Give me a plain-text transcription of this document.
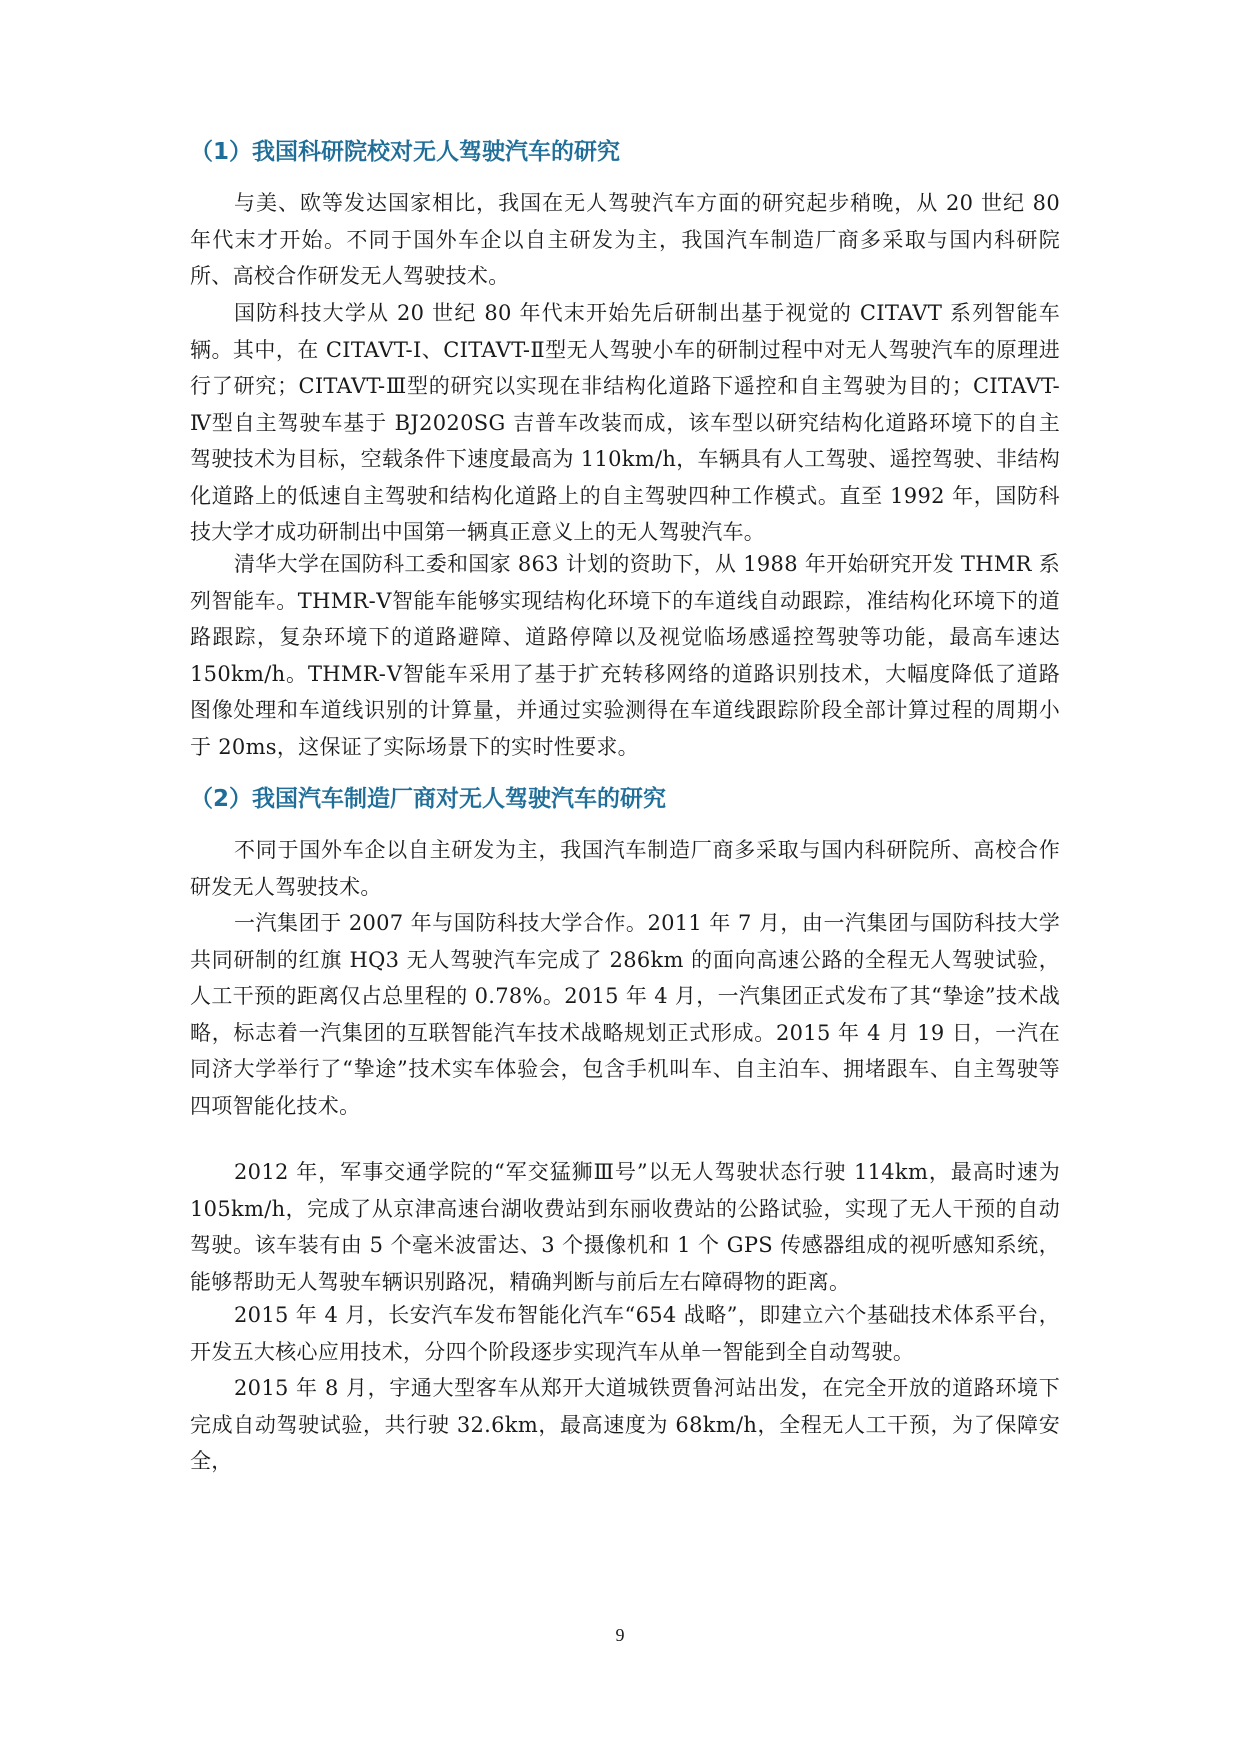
（1）我国科研院校对无人驾驶汽车的研究

与美、欧等发达国家相比，我国在无人驾驶汽车方面的研究起步稍晚，从 20 世纪 80 年代末才开始。不同于国外车企以自主研发为主，我国汽车制造厂商多采取与国内科研院所、高校合作研发无人驾驶技术。

国防科技大学从 20 世纪 80 年代末开始先后研制出基于视觉的 CITAVT 系列智能车辆。其中，在 CITAVT-Ⅰ、CITAVT-Ⅱ型无人驾驶小车的研制过程中对无人驾驶汽车的原理进行了研究；CITAVT-Ⅲ型的研究以实现在非结构化道路下遥控和自主驾驶为目的；CITAVT-Ⅳ型自主驾驶车基于 BJ2020SG 吉普车改装而成，该车型以研究结构化道路环境下的自主驾驶技术为目标，空载条件下速度最高为 110km/h，车辆具有人工驾驶、遥控驾驶、非结构化道路上的低速自主驾驶和结构化道路上的自主驾驶四种工作模式。直至 1992 年，国防科技大学才成功研制出中国第一辆真正意义上的无人驾驶汽车。

清华大学在国防科工委和国家 863 计划的资助下，从 1988 年开始研究开发 THMR 系列智能车。THMR-Ⅴ智能车能够实现结构化环境下的车道线自动跟踪，准结构化环境下的道路跟踪，复杂环境下的道路避障、道路停障以及视觉临场感遥控驾驶等功能，最高车速达 150km/h。THMR-Ⅴ智能车采用了基于扩充转移网络的道路识别技术，大幅度降低了道路图像处理和车道线识别的计算量，并通过实验测得在车道线跟踪阶段全部计算过程的周期小于 20ms，这保证了实际场景下的实时性要求。

（2）我国汽车制造厂商对无人驾驶汽车的研究

不同于国外车企以自主研发为主，我国汽车制造厂商多采取与国内科研院所、高校合作研发无人驾驶技术。

一汽集团于 2007 年与国防科技大学合作。2011 年 7 月，由一汽集团与国防科技大学共同研制的红旗 HQ3 无人驾驶汽车完成了 286km 的面向高速公路的全程无人驾驶试验，人工干预的距离仅占总里程的 0.78%。2015 年 4 月，一汽集团正式发布了其“挚途”技术战略，标志着一汽集团的互联智能汽车技术战略规划正式形成。2015 年 4 月 19 日，一汽在同济大学举行了“挚途”技术实车体验会，包含手机叫车、自主泊车、拥堵跟车、自主驾驶等四项智能化技术。

2012 年，军事交通学院的“军交猛狮Ⅲ号”以无人驾驶状态行驶 114km，最高时速为 105km/h，完成了从京津高速台湖收费站到东丽收费站的公路试验，实现了无人干预的自动驾驶。该车装有由 5 个毫米波雷达、3 个摄像机和 1 个 GPS 传感器组成的视听感知系统，能够帮助无人驾驶车辆识别路况，精确判断与前后左右障碍物的距离。

2015 年 4 月，长安汽车发布智能化汽车“654 战略”，即建立六个基础技术体系平台，开发五大核心应用技术，分四个阶段逐步实现汽车从单一智能到全自动驾驶。

2015 年 8 月，宇通大型客车从郑开大道城铁贾鲁河站出发，在完全开放的道路环境下完成自动驾驶试验，共行驶 32.6km，最高速度为 68km/h，全程无人工干预，为了保障安全，

9
